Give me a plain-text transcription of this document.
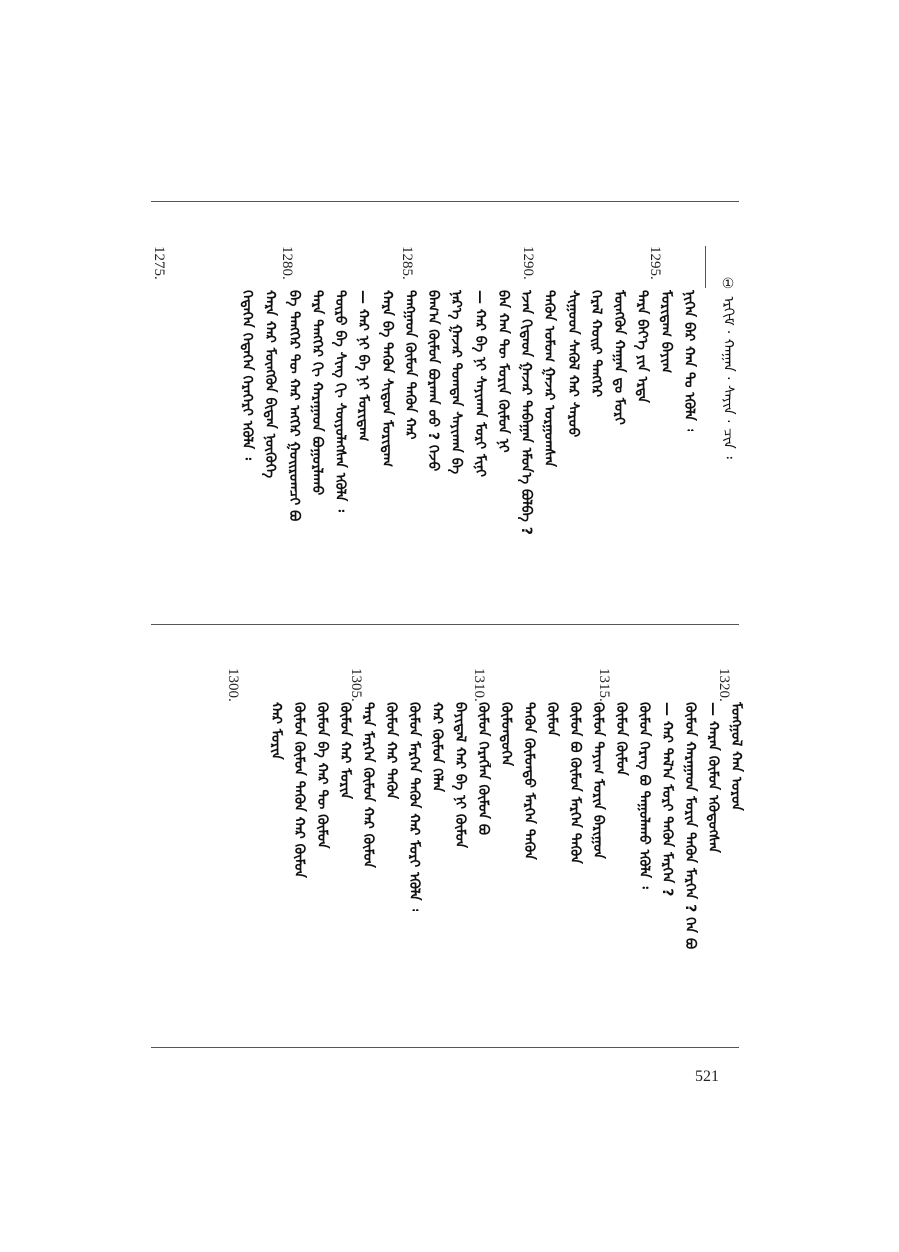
① ᠡᠷᠬᠢᠮ · ᠬᠠᠭᠠᠨ · ᠰᠠᠶᠢᠨ · ᠴᠢᠨ ᠄
ᠨᠢᠭᠡᠨ ᠪᠠᠷ ᠬᠠᠨ ᠲᠤ ᠡᠭᠦᠯᠡ ᠄
ᠮᠣᠷᠢᠳᠠᠭ ᠪᠠᠶᠢᠭ
ᠲᠡᠷᠡ ᠪᠡᠶ᠎ᠡ ᠶᠢᠨ ᠡᠷᠲᠡ
ᠮᠥᠩᠭᠦᠨ ᠬᠠᠭᠠᠨ ᠳᠤ ᠮᠣᠷᠢ
ᠭᠡᠷᠡᠯ ᠬᠣᠢᠷ ᠲᠡᠩᠭᠡᠷ
ᠰᠢᠭᠤᠳ ᠰᠡᠬᠦᠯ ᠬᠠᠷ ᠰᠠᠷᠤᠤ
ᠲᠡᠭᠦᠨ ᠣᠮᠣᠭ ᠭᠠᠵᠠᠷ ᠤᠷᠭᠤᠭᠰᠠᠨ
ᠡᠵᠡᠨ ᠬᠢᠲᠠᠳ ᠭᠠᠵᠠᠷ ᠳᠠᠪᠠᠭᠠᠨ ᠡᠮᠦᠨ᠎ᠡ ᠪᠣᠯᠪᠠ ?
ᠪᠠᠨ ᠬᠠᠨ ᠲᠦ ᠮᠣᠷᠢᠨ ᠬᠦᠮᠦᠨ ᠨᠢ
— ᠬᠠᠷ ᠪᠠ ᠨᠢ ᠰᠠᠶᠢᠬᠠᠨ ᠮᠣᠷᠢ ᠮᠢᠨᠢ
ᠨᠡᠷ᠎ᠡ ᠭᠠᠵᠠᠷ ᠲᠣᠭᠳᠠᠨ ᠰᠠᠶᠢᠬᠠᠨ ᠪᠠ
ᠪᠠᠭ᠎ᠠ ᠬᠦᠮᠦᠨ ᠪᠣᠷᠬᠠᠨ ᠤᠤ ? ᠭᠡᠵᠦ
ᠲᠠᠩᠭᠠᠳ ᠬᠦᠮᠦᠨ ᠲᠡᠭᠦᠨ ᠬᠠᠷ
ᠬᠠᠷᠠ ᠪᠠ ᠲᠡᠭᠦᠨ ᠰᠢᠳᠤᠨ ᠮᠣᠷᠢᠳᠠᠭ
— ᠬᠠᠷ ᠨᠢ ᠪᠠ ᠨᠢ ᠮᠣᠷᠢᠳᠠᠭ
ᠲᠦᠷᠦ ᠪᠠ ᠰᠢᠩ ᠬᠢ ᠰᠦᠶᠦᠯᠡᠭᠰᠡᠨ ᠡᠭᠦᠯᠡ ᠄
ᠲᠡᠷᠡ ᠲᠡᠩᠭᠡᠷ ᠬᠢ ᠬᠠᠷᠠᠭᠠᠳ ᠪᠣᠭᠣᠷᠯᠠᠬᠤ
ᠪᠠ ᠲᠡᠩᠭᠡᠷ ᠲᠦ ᠬᠠᠷ ᠡᠩᠭᠡᠷ ᠭᠤᠢᠷᠤᠭᠴᠢ ᠪᠣ
ᠬᠠᠷᠠ ᠬᠠᠷ ᠮᠥᠩᠭᠦᠨ ᠪᠢᠳᠡᠨ ᠨᠦᠭᠦᠭᠡ
ᠭᠡᠳᠡᠭᠡᠨ ᠭᠡᠳᠡᠭᠡᠨ ᠭᠡᠷᠡᠭᠡᠷᠢ ᠡᠭᠦᠯᠡ ᠄
1295.
1290.
1285.
1280.
1275.
ᠮᠣᠩᠭᠣᠯ ᠬᠠᠨ ᠣᠷᠣᠨ
— ᠬᠠᠷᠠᠨ ᠬᠦᠮᠦᠨ ᠡᠭᠦᠳᠦᠭᠰᠡᠨ
ᠬᠦᠮᠦᠨ ᠬᠠᠷᠠᠭᠠᠳ ᠮᠣᠷᠢᠨ ᠲᠡᠭᠦᠨ ᠮᠡᠷᠭᠡᠨ ? ᠬᠡᠨ ᠪᠣ
— ᠬᠠᠷ ᠲᠠᠯ᠎ᠠ ᠮᠣᠷᠢ ᠲᠡᠭᠦᠨ ᠮᠡᠷᠭᠡᠨ ?
ᠬᠦᠮᠦᠨ ᠬᠡᠷᠡᠭ ᠪᠣ ᠳᠠᠭᠤᠯᠠᠬᠤ ᠡᠭᠦᠯᠡ ᠄
ᠬᠦᠮᠦᠨ ᠬᠦᠮᠦᠨ
ᠬᠦᠮᠦᠨ ᠲᠠᠶᠢᠭ ᠮᠣᠷᠢᠨ ᠪᠠᠷᠢᠭᠤᠨ
ᠬᠦᠮᠦᠨ ᠪᠣ ᠬᠦᠮᠦᠨ ᠮᠡᠷᠭᠡᠨ ᠲᠡᠭᠦᠨ
ᠬᠦᠮᠦᠨ
ᠲᠡᠭᠦᠨ ᠬᠦᠮᠦᠨᠳᠦ ᠮᠡᠷᠭᠡᠨ ᠲᠡᠭᠦᠨ
ᠬᠦᠮᠦᠨᠳᠦᠭᠡᠨ
ᠬᠦᠮᠦᠨ ᠬᠡᠷᠡᠭᠯᠡᠨ ᠬᠦᠮᠦᠨ ᠪᠣ
ᠪᠠᠶᠢᠳᠠᠯ ᠬᠠᠷ ᠪᠠ ᠨᠢ ᠬᠦᠮᠦᠨ
ᠬᠠᠷ ᠬᠦᠮᠦᠨ ᠬᠡᠯᠡᠨ
ᠬᠦᠮᠦᠨ ᠮᠡᠷᠭᠡᠨ ᠲᠡᠭᠦᠨ ᠬᠠᠷ ᠮᠣᠷᠢ ᠡᠭᠦᠯᠡ ᠄
ᠬᠦᠮᠦᠨ ᠬᠠᠷ ᠲᠡᠭᠦᠨ
ᠲᠡᠷᠡ ᠮᠡᠷᠭᠡᠨ ᠬᠦᠮᠦᠨ ᠬᠠᠷ ᠬᠦᠮᠦᠨ
ᠬᠦᠮᠦᠨ ᠬᠠᠷ ᠮᠣᠷᠢᠨ
ᠬᠦᠮᠦᠨ ᠪᠠ ᠬᠠᠷ ᠲᠦ ᠬᠦᠮᠦᠨ
ᠬᠦᠮᠦᠨ ᠬᠦᠮᠦᠨ ᠲᠡᠭᠦᠨ ᠬᠠᠷ ᠬᠦᠮᠦᠨ
ᠬᠠᠷ ᠮᠣᠷᠢᠨ
1320.
1315.
1310.
1305.
1300.
521
